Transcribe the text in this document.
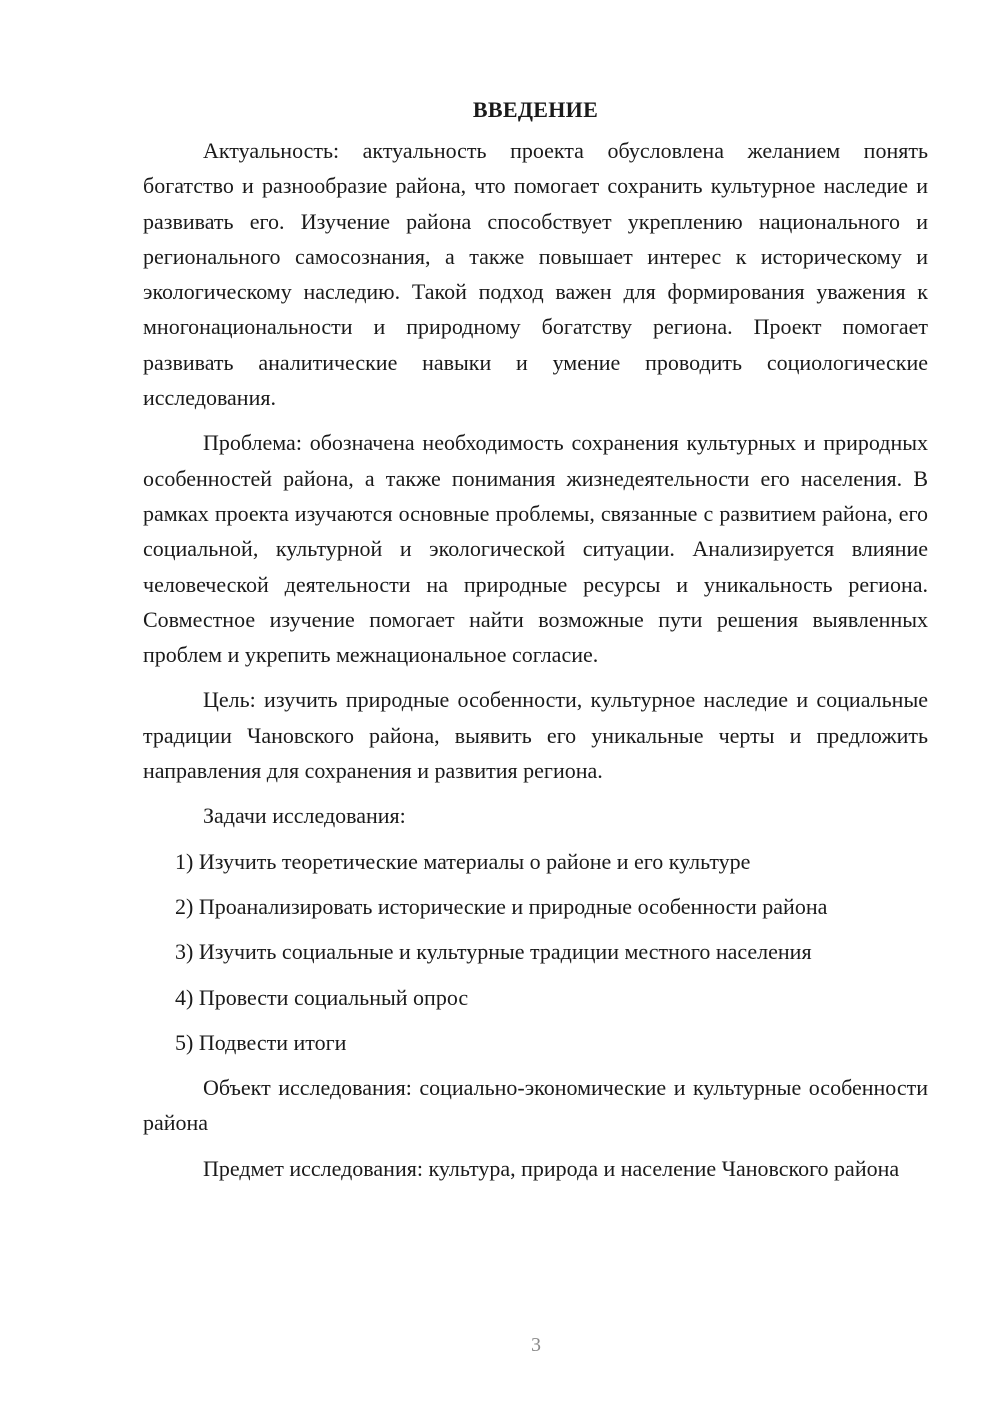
ВВЕДЕНИЕ

Актуальность: актуальность проекта обусловлена желанием понять богатство и разнообразие района, что помогает сохранить культурное наследие и развивать его. Изучение района способствует укреплению национального и регионального самосознания, а также повышает интерес к историческому и экологическому наследию. Такой подход важен для формирования уважения к многонациональности и природному богатству региона. Проект помогает развивать аналитические навыки и умение проводить социологические исследования.

Проблема: обозначена необходимость сохранения культурных и природных особенностей района, а также понимания жизнедеятельности его населения. В рамках проекта изучаются основные проблемы, связанные с развитием района, его социальной, культурной и экологической ситуации. Анализируется влияние человеческой деятельности на природные ресурсы и уникальность региона. Совместное изучение помогает найти возможные пути решения выявленных проблем и укрепить межнациональное согласие.

Цель: изучить природные особенности, культурное наследие и социальные традиции Чановского района, выявить его уникальные черты и предложить направления для сохранения и развития региона.

Задачи исследования:

1) Изучить теоретические материалы о районе и его культуре
2) Проанализировать исторические и природные особенности района
3) Изучить социальные и культурные традиции местного населения
4) Провести социальный опрос
5) Подвести итоги

Объект исследования: социально-экономические и культурные особенности района

Предмет исследования: культура, природа и население Чановского района

3
